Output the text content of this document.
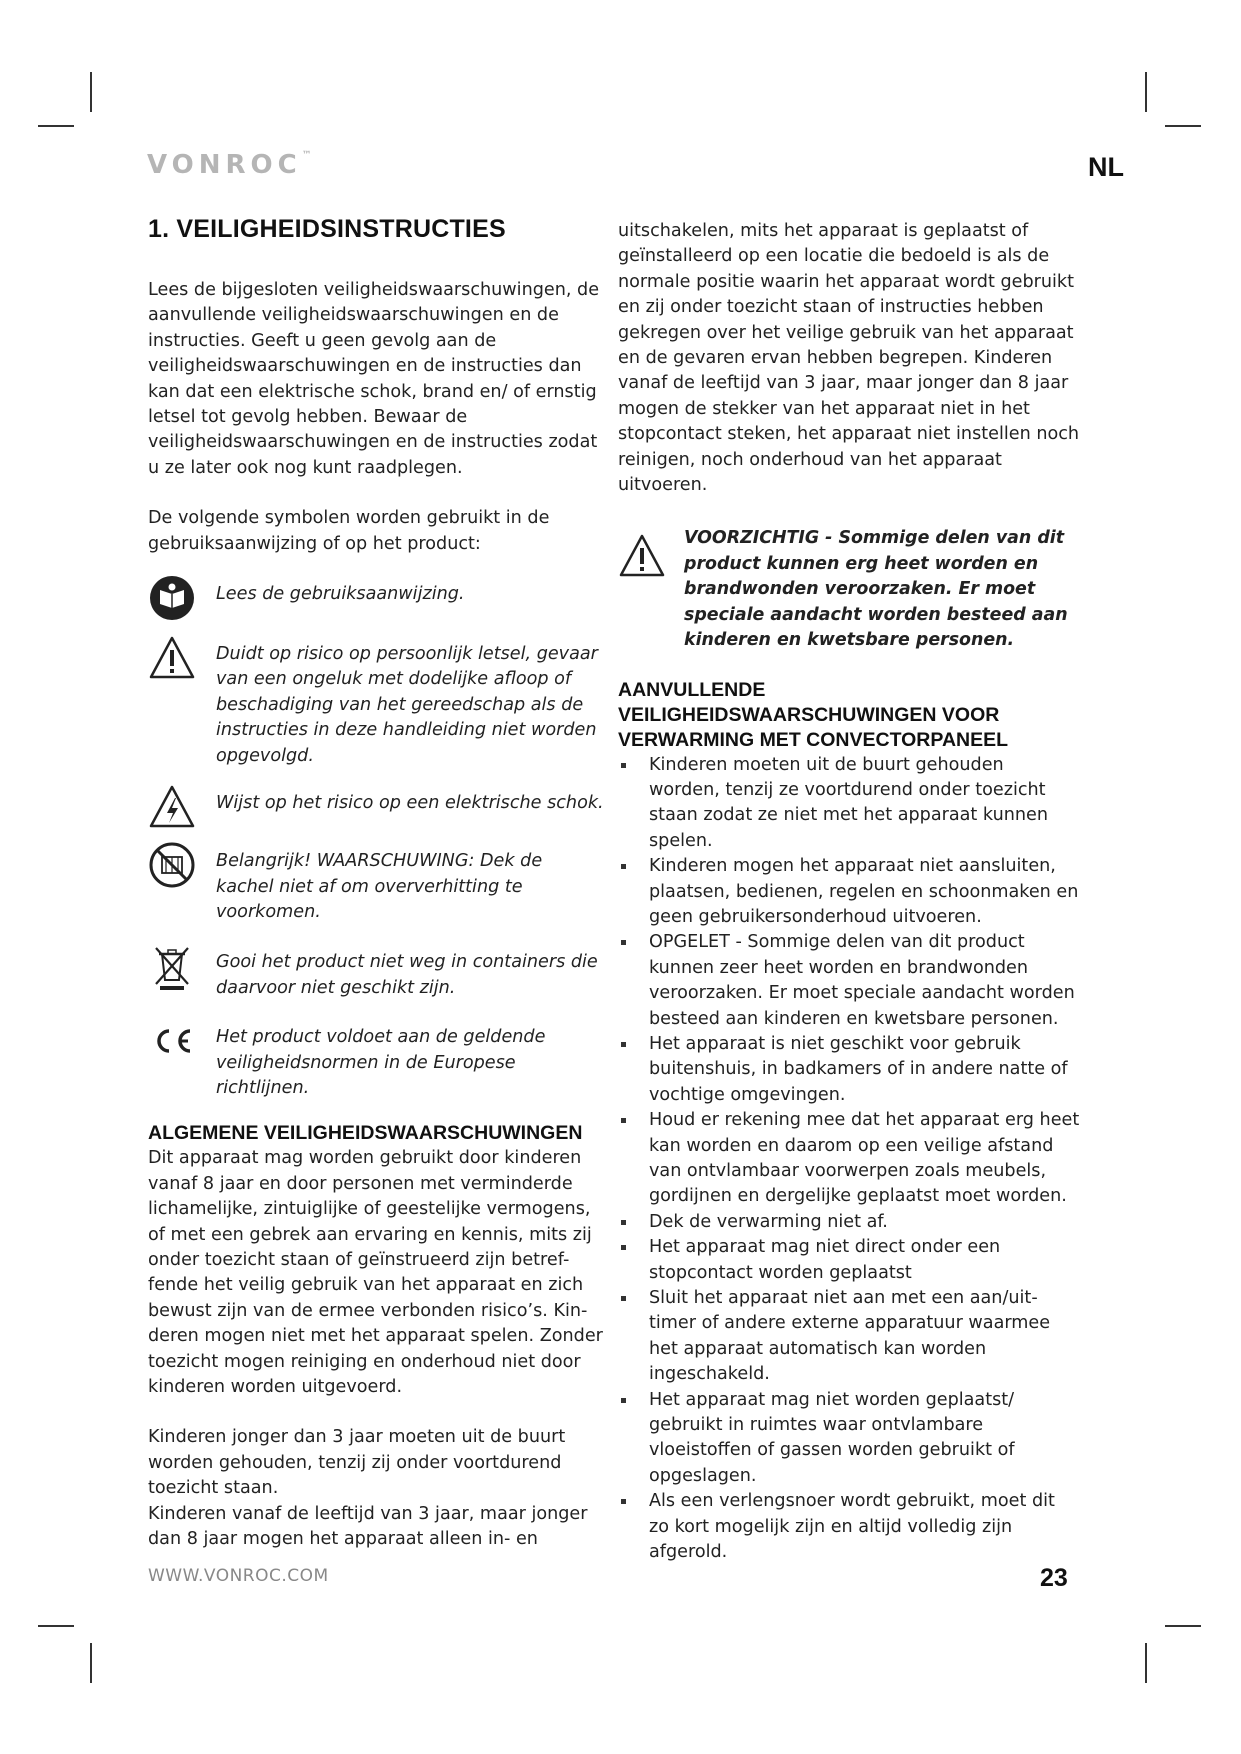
VONROC™	NL
1. VEILIGHEIDSINSTRUCTIES

Lees de bijgesloten veiligheidswaarschuwingen, de aanvullende veiligheidswaarschuwingen en de instructies. Geeft u geen gevolg aan de veiligheidswaarschuwingen en de instructies dan kan dat een elektrische schok, brand en/ of ernstig letsel tot gevolg hebben. Bewaar de veiligheidswaarschuwingen en de instructies zodat u ze later ook nog kunt raadplegen.

De volgende symbolen worden gebruikt in de gebruiksaanwijzing of op het product:

Lees de gebruiksaanwijzing.
Duidt op risico op persoonlijk letsel, gevaar van een ongeluk met dodelijke afloop of beschadiging van het gereedschap als de instructies in deze handleiding niet worden opgevolgd.
Wijst op het risico op een elektrische schok.
Belangrijk! WAARSCHUWING: Dek de kachel niet af om oververhitting te voorkomen.
Gooi het product niet weg in containers die daarvoor niet geschikt zijn.
Het product voldoet aan de geldende veiligheidsnormen in de Europese richtlijnen.
ALGEMENE VEILIGHEIDSWAARSCHUWINGEN

Dit apparaat mag worden gebruikt door kinderen vanaf 8 jaar en door personen met verminderde lichamelijke, zintuiglijke of geestelijke vermogens, of met een gebrek aan ervaring en kennis, mits zij onder toezicht staan of geïnstrueerd zijn betref-fende het veilig gebruik van het apparaat en zich bewust zijn van de ermee verbonden risico’s. Kin-deren mogen niet met het apparaat spelen. Zonder toezicht mogen reiniging en onderhoud niet door kinderen worden uitgevoerd.

Kinderen jonger dan 3 jaar moeten uit de buurt worden gehouden, tenzij zij onder voortdurend toezicht staan.

Kinderen vanaf de leeftijd van 3 jaar, maar jonger dan 8 jaar mogen het apparaat alleen in- en

uitschakelen, mits het apparaat is geplaatst of geïnstalleerd op een locatie die bedoeld is als de normale positie waarin het apparaat wordt gebruikt en zij onder toezicht staan of instructies hebben gekregen over het veilige gebruik van het apparaat en de gevaren ervan hebben begrepen. Kinderen vanaf de leeftijd van 3 jaar, maar jonger dan 8 jaar mogen de stekker van het apparaat niet in het stopcontact steken, het apparaat niet instellen noch reinigen, noch onderhoud van het apparaat uitvoeren.

VOORZICHTIG - Sommige delen van dit product kunnen erg heet worden en brandwonden veroorzaken. Er moet speciale aandacht worden besteed aan kinderen en kwetsbare personen.
AANVULLENDE VEILIGHEIDSWAARSCHUWINGEN VOOR VERWARMING MET CONVECTORPANEEL
Kinderen moeten uit de buurt gehouden worden, tenzij ze voortdurend onder toezicht staan zodat ze niet met het apparaat kunnen spelen.
Kinderen mogen het apparaat niet aansluiten, plaatsen, bedienen, regelen en schoonmaken en geen gebruikersonderhoud uitvoeren.
OPGELET - Sommige delen van dit product kunnen zeer heet worden en brandwonden veroorzaken. Er moet speciale aandacht worden besteed aan kinderen en kwetsbare personen.
Het apparaat is niet geschikt voor gebruik buitenshuis, in badkamers of in andere natte of vochtige omgevingen.
Houd er rekening mee dat het apparaat erg heet kan worden en daarom op een veilige afstand van ontvlambaar voorwerpen zoals meubels, gordijnen en dergelijke geplaatst moet worden.
Dek de verwarming niet af.
Het apparaat mag niet direct onder een stopcontact worden geplaatst
Sluit het apparaat niet aan met een aan/uit-timer of andere externe apparatuur waarmee het apparaat automatisch kan worden ingeschakeld.
Het apparaat mag niet worden geplaatst/ gebruikt in ruimtes waar ontvlambare vloeistoffen of gassen worden gebruikt of opgeslagen.
Als een verlengsnoer wordt gebruikt, moet dit zo kort mogelijk zijn en altijd volledig zijn afgerold.
WWW.VONROC.COM	23
